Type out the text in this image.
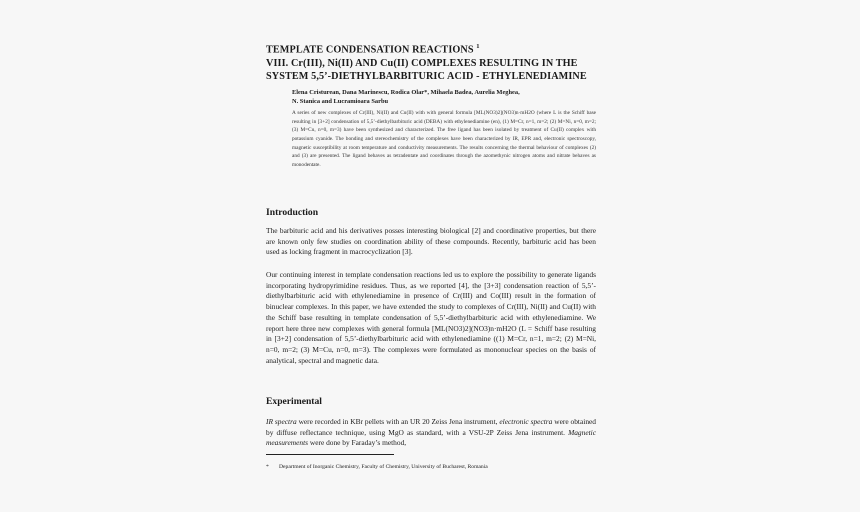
TEMPLATE CONDENSATION REACTIONS $^1$
VIII. Cr(III), Ni(II) AND Cu(II) COMPLEXES RESULTING IN THE
SYSTEM 5,5’-DIETHYLBARBITURIC ACID - ETHYLENEDIAMINE

Elena Cristurean, Dana Marinescu, Rodica Olar*, Mihaela Badea, Aurelia Meghea,
N. Stanica and Lucramioara Sarbu

A series of new complexes of Cr(III), Ni(II) and Cu(II) with with general formula [ML(NO3)2](NO3)n·mH2O (where L is the Schiff base resulting in [3+2] condensation of 5,5’-diethylbarbituric acid (DEBA) with ethylenediamine (en), (1) M=Cr, n=1, m=2; (2) M=Ni, n=0, m=2; (3) M=Cu, n=0, m=3) have been synthesized and characterized. The free ligand has been isolated by treatment of Cu(II) complex with potassium cyanide. The bonding and stereochemistry of the complexes have been characterized by IR, EPR and, electronic spectroscopy, magnetic susceptibility at room temperature and conductivity measurements. The results concerning the thermal behaviour of complexes (2) and (3) are presented. The ligand behaves as tetradentate and coordinates through the azomethynic nitrogen atoms and nitrate behaves as monodentate.

Introduction

The barbituric acid and his derivatives posses interesting biological [2] and coordinative properties, but there are known only few studies on coordination ability of these compounds. Recently, barbituric acid has been used as locking fragment in macrocyclization [3].

Our continuing interest in template condensation reactions led us to explore the possibility to generate ligands incorporating hydropyrimidine residues. Thus, as we reported [4], the [3+3] condensation reaction of 5,5’-diethylbarbituric acid with ethylenediamine in presence of Cr(III) and Co(III) result in the formation of binuclear complexes. In this paper, we have extended the study to complexes of Cr(III), Ni(II) and Cu(II) with the Schiff base resulting in template condensation of 5,5’-diethylbarbituric acid with ethylenediamine. We report here three new complexes with general formula [ML(NO3)2](NO3)n·mH2O (L = Schiff base resulting in [3+2] condensation of 5,5’-diethylbarbituric acid with ethylenediamine ((1) M=Cr, n=1, m=2; (2) M=Ni, n=0, m=2; (3) M=Cu, n=0, m=3). The complexes were formulated as mononuclear species on the basis of analytical, spectral and magnetic data.

Experimental

IR spectra were recorded in KBr pellets with an UR 20 Zeiss Jena instrument, electronic spectra were obtained by diffuse reflectance technique, using MgO as standard, with a VSU-2P Zeiss Jena instrument. Magnetic measurements were done by Faraday’s method,

* Department of Inorganic Chemistry, Faculty of Chemistry, University of Bucharest, Romania
